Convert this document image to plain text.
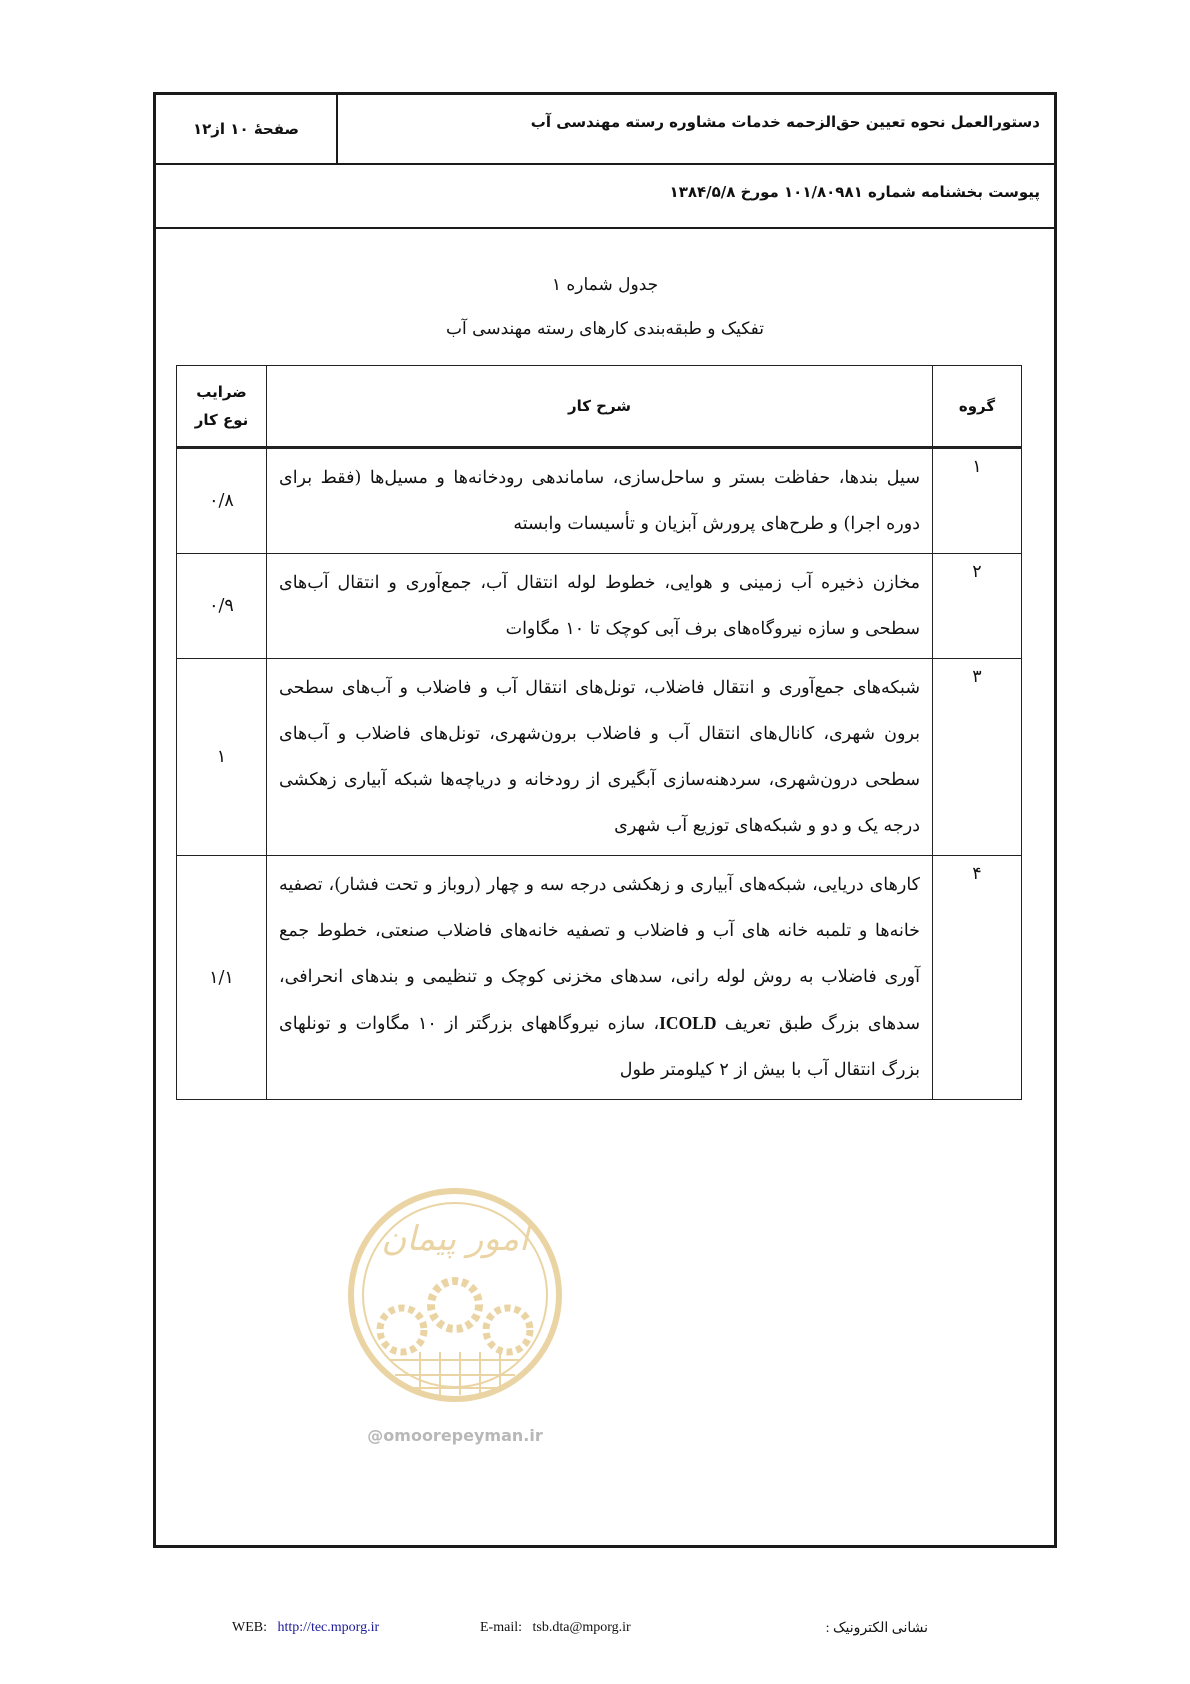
دستورالعمل نحوه تعیین حق‌الزحمه خدمات مشاوره رسته مهندسی آب
صفحهٔ ۱۰ از۱۲
پیوست بخشنامه شماره ۱۰۱/۸۰۹۸۱ مورخ ۱۳۸۴/۵/۸
جدول شماره ۱
تفکیک و طبقه‌بندی کارهای رسته مهندسی آب
گروه	شرح کار	ضرایب
نوع کار

۱	سیل بندها، حفاظت بستر و ساحل‌سازی، ساماندهی رودخانه‌ها و مسیل‌ها (فقط برای دوره اجرا) و طرح‌های پرورش آبزیان و تأسیسات وابسته	۰/۸
۲	مخازن ذخیره آب زمینی و هوایی، خطوط لوله انتقال آب، جمع‌آوری و انتقال آب‌های سطحی و سازه نیروگاه‌های برف آبی کوچک تا ۱۰ مگاوات	۰/۹
۳	شبکه‌های جمع‌آوری و انتقال فاضلاب، تونل‌های انتقال آب و فاضلاب و آب‌های سطحی برون شهری، کانال‌های انتقال آب و فاضلاب برون‌شهری، تونل‌های فاضلاب و آب‌های سطحی درون‌شهری، سردهنه‌سازی آبگیری از رودخانه و دریاچه‌ها شبکه آبیاری زهکشی درجه یک و دو و شبکه‌های توزیع آب شهری	۱
۴	کارهای دریایی، شبکه‌های آبیاری و زهکشی درجه سه و چهار (روباز و تحت فشار)، تصفیه خانه‌ها و تلمبه خانه های آب و فاضلاب و تصفیه خانه‌های فاضلاب صنعتی، خطوط جمع آوری فاضلاب به روش لوله رانی، سدهای مخزنی کوچک و تنظیمی و بندهای انحرافی، سدهای بزرگ طبق تعریف ICOLD، سازه نیروگاههای بزرگتر از ۱۰ مگاوات و تونلهای بزرگ انتقال آب با بیش از ۲ کیلومتر طول	۱/۱
امور پیمان
@omoorepeyman.ir
WEB: http://tec.mporg.ir	E-mail: tsb.dta@mporg.ir	نشانی الکترونیک :
